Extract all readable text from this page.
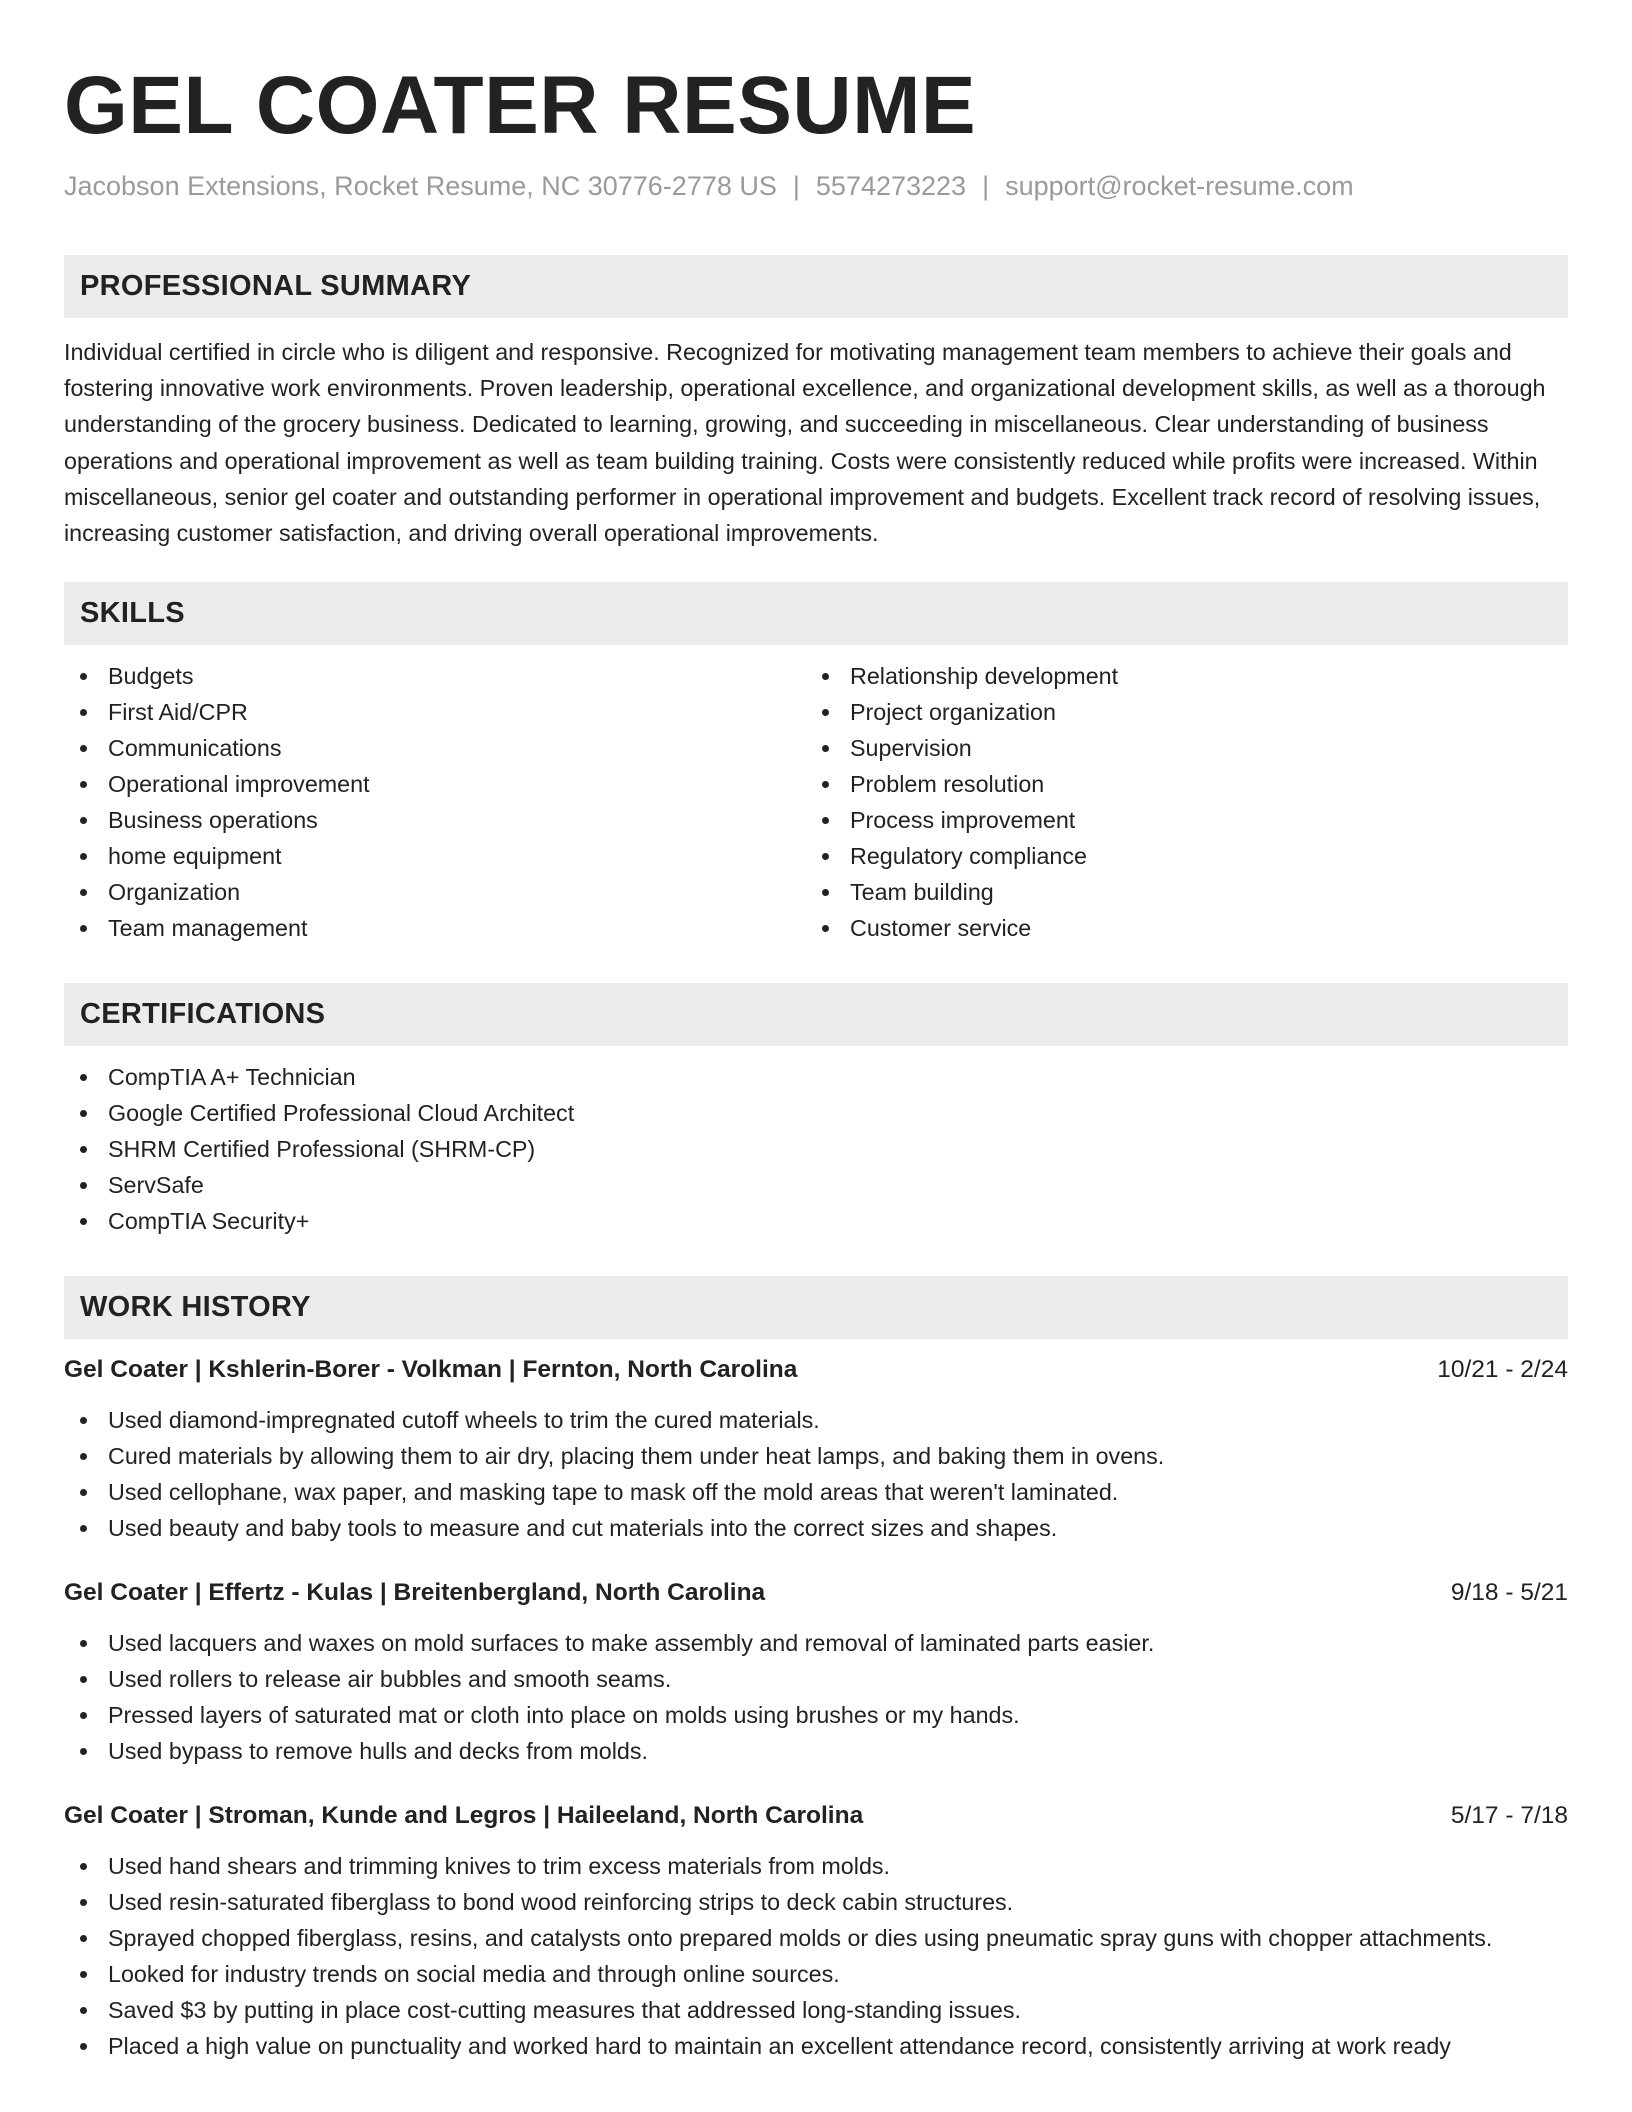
GEL COATER RESUME
Jacobson Extensions, Rocket Resume, NC 30776-2778 US | 5574273223 | support@rocket-resume.com
PROFESSIONAL SUMMARY

Individual certified in circle who is diligent and responsive. Recognized for motivating management team members to achieve their goals and fostering innovative work environments. Proven leadership, operational excellence, and organizational development skills, as well as a thorough understanding of the grocery business. Dedicated to learning, growing, and succeeding in miscellaneous. Clear understanding of business operations and operational improvement as well as team building training. Costs were consistently reduced while profits were increased. Within miscellaneous, senior gel coater and outstanding performer in operational improvement and budgets. Excellent track record of resolving issues, increasing customer satisfaction, and driving overall operational improvements.

SKILLS
Budgets
First Aid/CPR
Communications
Operational improvement
Business operations
home equipment
Organization
Team management
Relationship development
Project organization
Supervision
Problem resolution
Process improvement
Regulatory compliance
Team building
Customer service
CERTIFICATIONS
CompTIA A+ Technician
Google Certified Professional Cloud Architect
SHRM Certified Professional (SHRM-CP)
ServSafe
CompTIA Security+
WORK HISTORY
Gel Coater | Kshlerin-Borer - Volkman | Fernton, North Carolina	10/21 - 2/24
Used diamond-impregnated cutoff wheels to trim the cured materials.
Cured materials by allowing them to air dry, placing them under heat lamps, and baking them in ovens.
Used cellophane, wax paper, and masking tape to mask off the mold areas that weren't laminated.
Used beauty and baby tools to measure and cut materials into the correct sizes and shapes.
Gel Coater | Effertz - Kulas | Breitenbergland, North Carolina	9/18 - 5/21
Used lacquers and waxes on mold surfaces to make assembly and removal of laminated parts easier.
Used rollers to release air bubbles and smooth seams.
Pressed layers of saturated mat or cloth into place on molds using brushes or my hands.
Used bypass to remove hulls and decks from molds.
Gel Coater | Stroman, Kunde and Legros | Haileeland, North Carolina	5/17 - 7/18
Used hand shears and trimming knives to trim excess materials from molds.
Used resin-saturated fiberglass to bond wood reinforcing strips to deck cabin structures.
Sprayed chopped fiberglass, resins, and catalysts onto prepared molds or dies using pneumatic spray guns with chopper attachments.
Looked for industry trends on social media and through online sources.
Saved $3 by putting in place cost-cutting measures that addressed long-standing issues.
Placed a high value on punctuality and worked hard to maintain an excellent attendance record, consistently arriving at work ready
